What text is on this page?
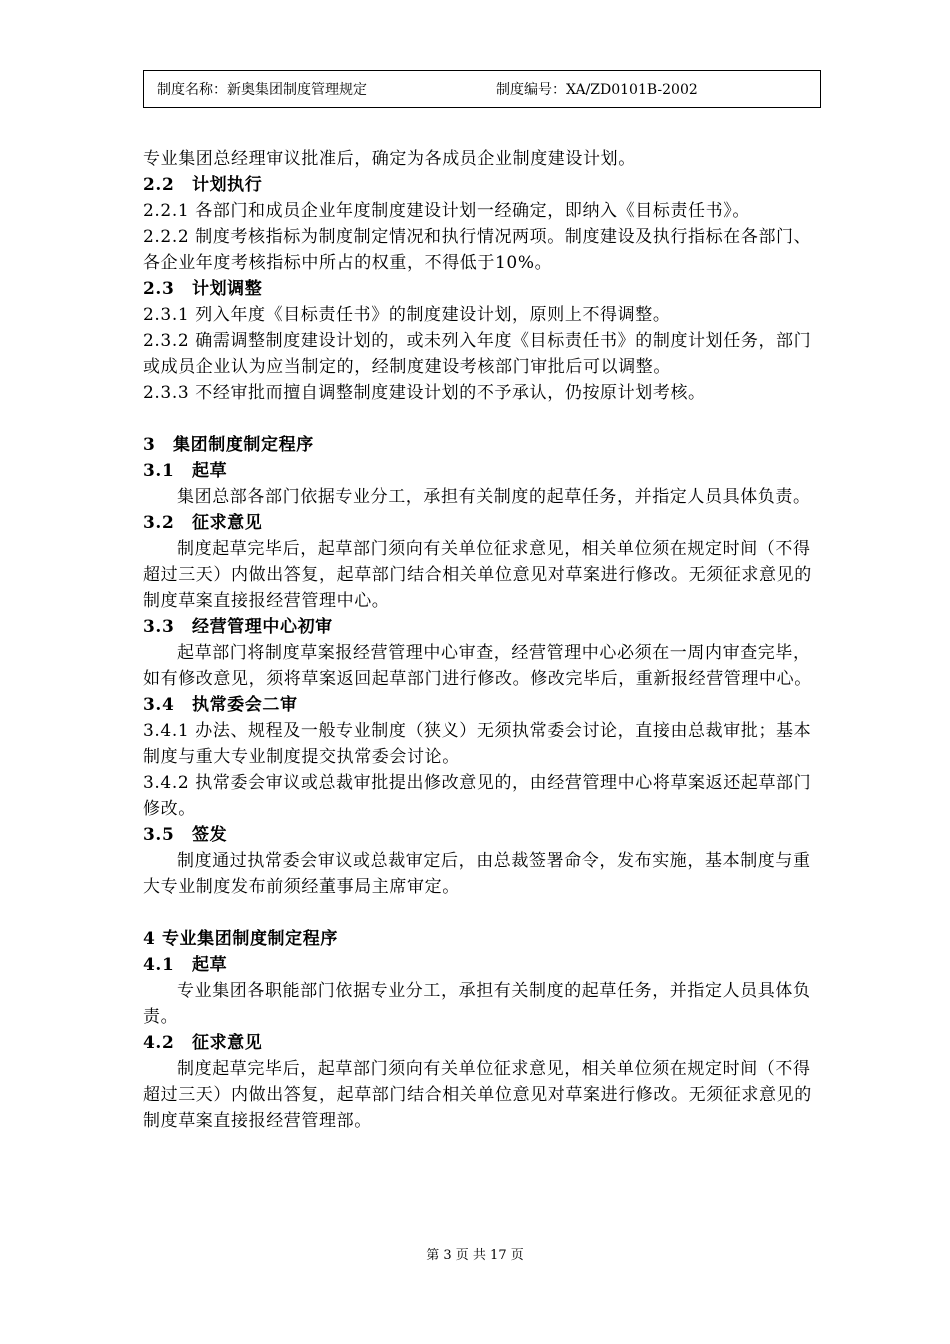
制度名称：新奥集团制度管理规定	制度编号：XA/ZD0101B-2002

专业集团总经理审议批准后，确定为各成员企业制度建设计划。

2.2　计划执行

2.2.1 各部门和成员企业年度制度建设计划一经确定，即纳入《目标责任书》。

2.2.2 制度考核指标为制度制定情况和执行情况两项。制度建设及执行指标在各部门、各企业年度考核指标中所占的权重，不得低于10%。

2.3　计划调整

2.3.1 列入年度《目标责任书》的制度建设计划，原则上不得调整。

2.3.2 确需调整制度建设计划的，或未列入年度《目标责任书》的制度计划任务，部门或成员企业认为应当制定的，经制度建设考核部门审批后可以调整。

2.3.3 不经审批而擅自调整制度建设计划的不予承认，仍按原计划考核。

3　集团制度制定程序

3.1　起草

集团总部各部门依据专业分工，承担有关制度的起草任务，并指定人员具体负责。

3.2　征求意见

制度起草完毕后，起草部门须向有关单位征求意见，相关单位须在规定时间（不得超过三天）内做出答复，起草部门结合相关单位意见对草案进行修改。无须征求意见的制度草案直接报经营管理中心。

3.3　经营管理中心初审

起草部门将制度草案报经营管理中心审查，经营管理中心必须在一周内审查完毕，如有修改意见，须将草案返回起草部门进行修改。修改完毕后，重新报经营管理中心。

3.4　执常委会二审

3.4.1 办法、规程及一般专业制度（狭义）无须执常委会讨论，直接由总裁审批；基本制度与重大专业制度提交执常委会讨论。

3.4.2 执常委会审议或总裁审批提出修改意见的，由经营管理中心将草案返还起草部门修改。

3.5　签发

制度通过执常委会审议或总裁审定后，由总裁签署命令，发布实施，基本制度与重大专业制度发布前须经董事局主席审定。

4 专业集团制度制定程序

4.1　起草

专业集团各职能部门依据专业分工，承担有关制度的起草任务，并指定人员具体负责。

4.2　征求意见

制度起草完毕后，起草部门须向有关单位征求意见，相关单位须在规定时间（不得超过三天）内做出答复，起草部门结合相关单位意见对草案进行修改。无须征求意见的制度草案直接报经营管理部。

第 3 页 共 17 页
